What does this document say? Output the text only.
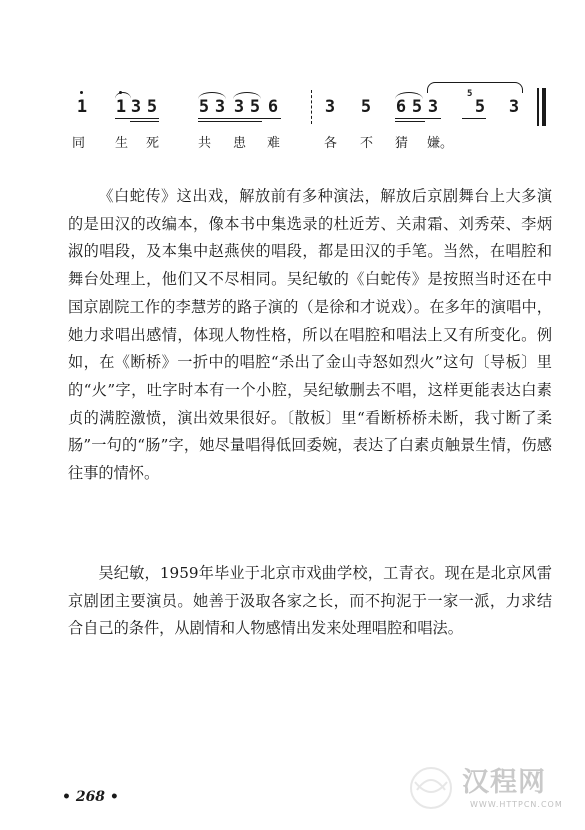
1 1 3 5 5 3 3 5 6	3 5 6 5 3 5 3
5
同 生 死	共 患 难	各 不 猜 嫌。

《白蛇传》这出戏，解放前有多种演法，解放后京剧舞台上大多演的是田汉的改编本，像本书中集选录的杜近芳、关肃霜、刘秀荣、李炳淑的唱段，及本集中赵燕侠的唱段，都是田汉的手笔。当然，在唱腔和舞台处理上，他们又不尽相同。吴纪敏的《白蛇传》是按照当时还在中国京剧院工作的李慧芳的路子演的（是徐和才说戏）。在多年的演唱中，她力求唱出感情，体现人物性格，所以在唱腔和唱法上又有所变化。例如，在《断桥》一折中的唱腔“杀出了金山寺怒如烈火”这句〔导板〕里的“火”字，吐字时本有一个小腔，吴纪敏删去不唱，这样更能表达白素贞的满腔激愤，演出效果很好。〔散板〕里“看断桥桥未断，我寸断了柔肠”一句的“肠”字，她尽量唱得低回委婉，表达了白素贞触景生情，伤感往事的情怀。

吴纪敏，1959年毕业于北京市戏曲学校，工青衣。现在是北京风雷京剧团主要演员。她善于汲取各家之长，而不拘泥于一家一派，力求结合自己的条件，从剧情和人物感情出发来处理唱腔和唱法。

• 268 •	汉程网
WWW.HTTPCN.COM
